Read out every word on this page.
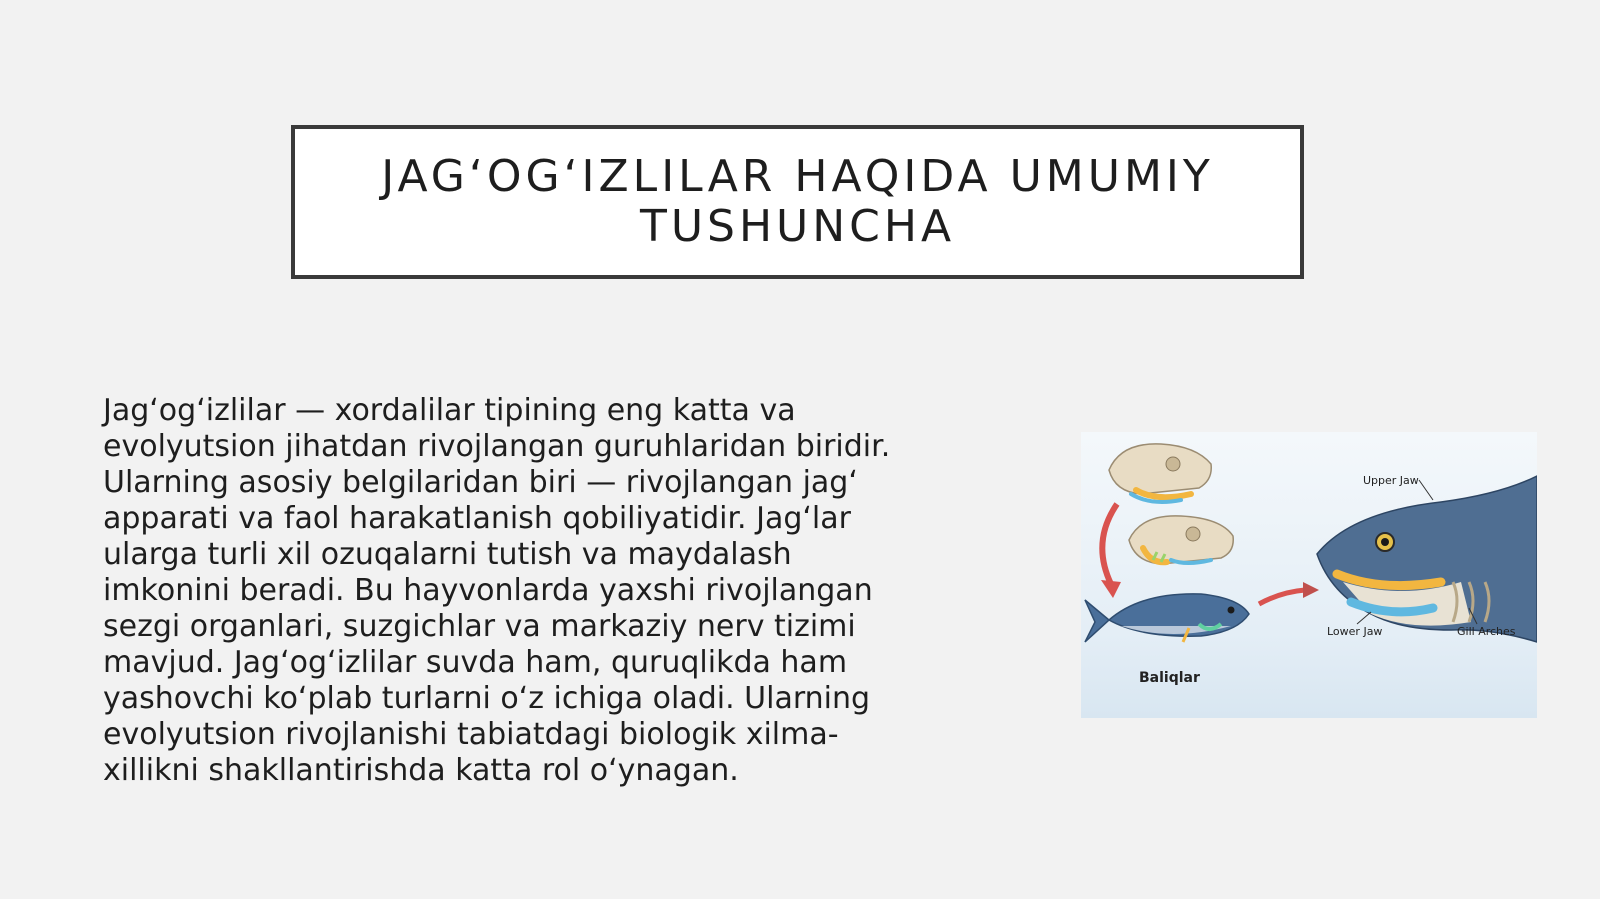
JAG‘OG‘IZLILAR HAQIDA UMUMIY TUSHUNCHA

Jag‘og‘izlilar — xordalilar tipining eng katta va evolyutsion jihatdan rivojlangan guruhlaridan biridir. Ularning asosiy belgilaridan biri — rivojlangan jag‘ apparati va faol harakatlanish qobiliyatidir. Jag‘lar ularga turli xil ozuqalarni tutish va maydalash imkonini beradi. Bu hayvonlarda yaxshi rivojlangan sezgi organlari, suzgichlar va markaziy nerv tizimi mavjud. Jag‘og‘izlilar suvda ham, quruqlikda ham yashovchi ko‘plab turlarni o‘z ichiga oladi. Ularning evolyutsion rivojlanishi tabiatdagi biologik xilma-xillikni shakllantirishda katta rol o‘ynagan.

Upper Jaw
Lower Jaw	Gill Arches
Baliqlar
